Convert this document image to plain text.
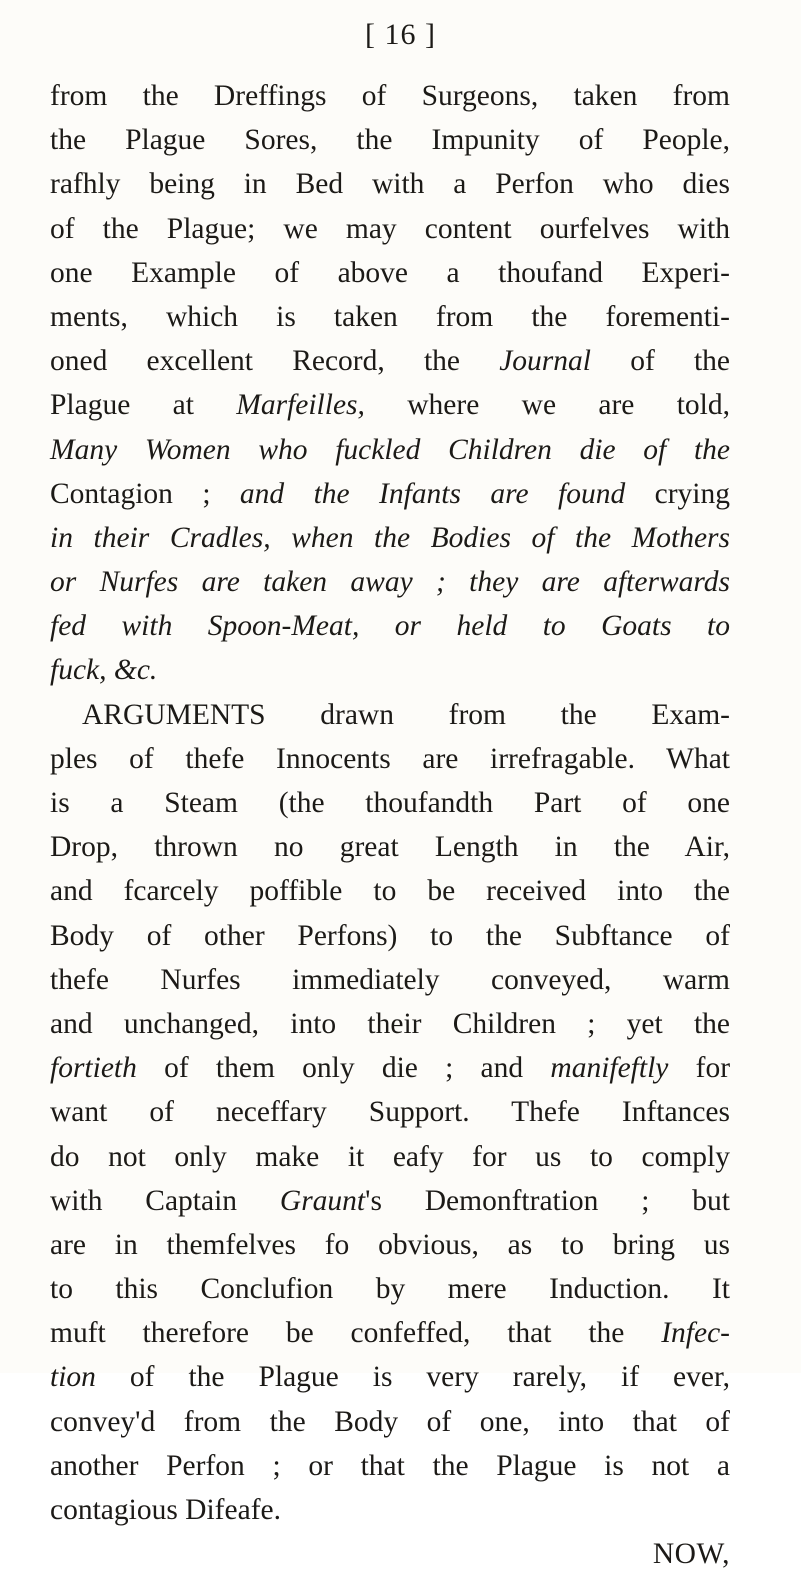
[ 16 ]
from the Dreffings of Surgeons, taken from
the Plague Sores, the Impunity of People,
rafhly being in Bed with a Perfon who dies
of the Plague; we may content ourfelves with
one Example of above a thoufand Experi-
ments, which is taken from the forementi-
oned excellent Record, the Journal of the
Plague at Marfeilles, where we are told,
Many Women who fuckled Children die of the
Contagion ; and the Infants are found crying
in their Cradles, when the Bodies of the Mothers
or Nurfes are taken away ; they are afterwards
fed with Spoon-Meat, or held to Goats to
fuck, &c.
ARGUMENTS drawn from the Exam-
ples of thefe Innocents are irrefragable. What
is a Steam (the thoufandth Part of one
Drop, thrown no great Length in the Air,
and fcarcely poffible to be received into the
Body of other Perfons) to the Subftance of
thefe Nurfes immediately conveyed, warm
and unchanged, into their Children ; yet the
fortieth of them only die ; and manifeftly for
want of neceffary Support. Thefe Inftances
do not only make it eafy for us to comply
with Captain Graunt's Demonftration ; but
are in themfelves fo obvious, as to bring us
to this Conclufion by mere Induction. It
muft therefore be confeffed, that the Infec-
tion of the Plague is very rarely, if ever,
convey'd from the Body of one, into that of
another Perfon ; or that the Plague is not a
contagious Difeafe.
NOW,
